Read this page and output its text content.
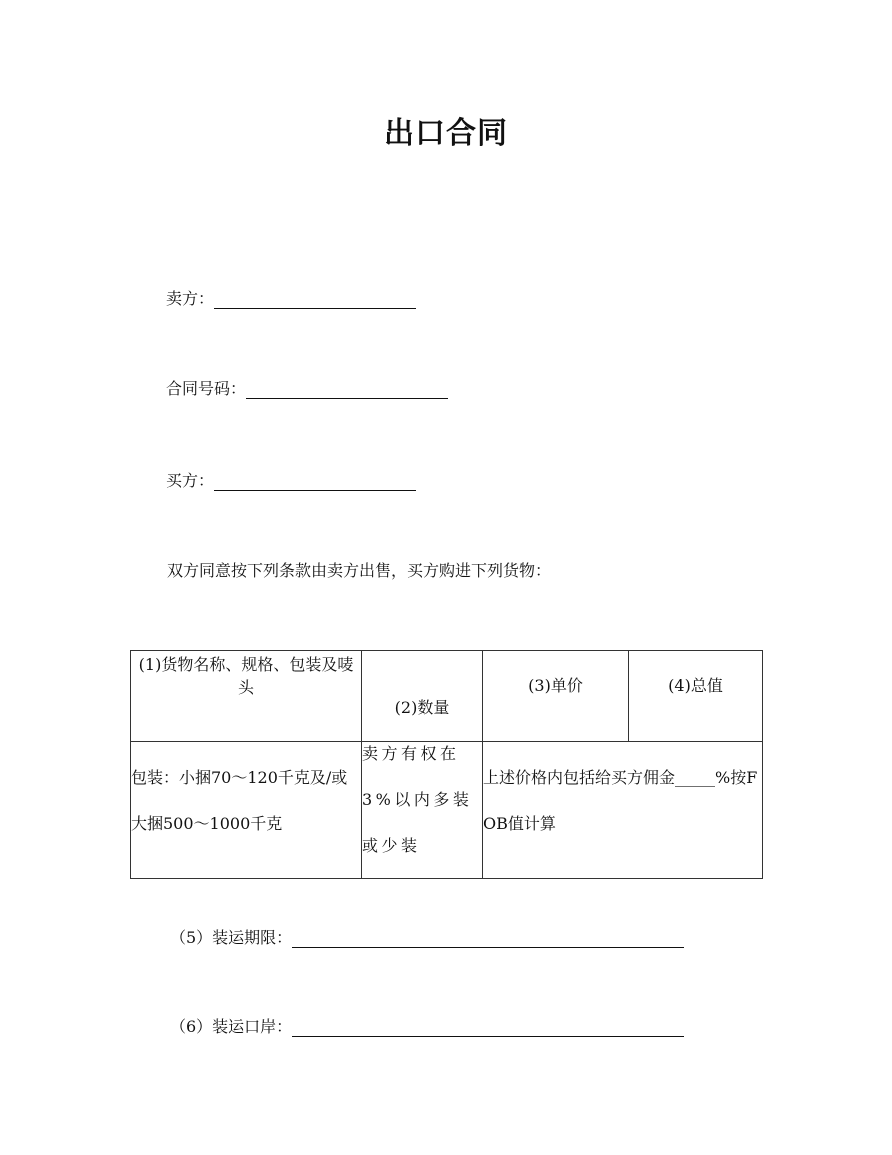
出口合同
卖方：
合同号码：
买方：
双方同意按下列条款由卖方出售，买方购进下列货物：
(1)货物名称、规格、包装及唛头	(2)数量	(3)单价	(4)总值

包装：小捆70～120千克及/或大捆500～1000千克	卖方有权在3%以内多装或少装	上述价格内包括给买方佣金_____%按FOB值计算	
（5）装运期限：
（6）装运口岸：
